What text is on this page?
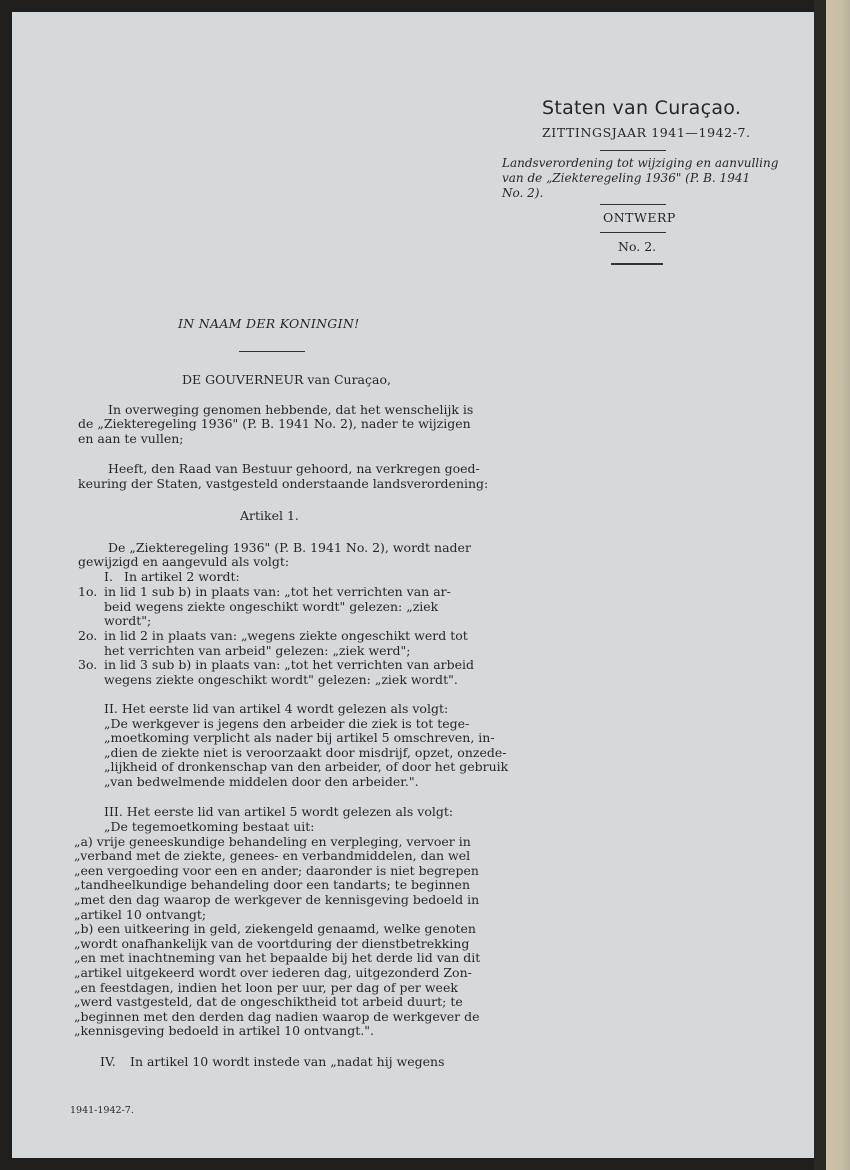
Staten van Curaçao.
ZITTINGSJAAR 1941—1942-7.
Landsverordening tot wijziging en aanvulling
van de „Ziekteregeling 1936" (P. B. 1941
No. 2).
ONTWERP
No. 2.
IN NAAM DER KONINGIN!
DE GOUVERNEUR van Curaçao,
In overweging genomen hebbende, dat het wenschelijk is
de „Ziekteregeling 1936" (P. B. 1941 No. 2), nader te wijzigen
en aan te vullen;
Heeft, den Raad van Bestuur gehoord, na verkregen goed-
keuring der Staten, vastgesteld onderstaande landsverordening:
Artikel 1.
De „Ziekteregeling 1936" (P. B. 1941 No. 2), wordt nader
gewijzigd en aangevuld als volgt:
I. In artikel 2 wordt:
1o. in lid 1 sub b) in plaats van: „tot het verrichten van ar-
beid wegens ziekte ongeschikt wordt" gelezen: „ziek
wordt";
2o. in lid 2 in plaats van: „wegens ziekte ongeschikt werd tot
het verrichten van arbeid" gelezen: „ziek werd";
3o. in lid 3 sub b) in plaats van: „tot het verrichten van arbeid
wegens ziekte ongeschikt wordt" gelezen: „ziek wordt".
II. Het eerste lid van artikel 4 wordt gelezen als volgt:
„De werkgever is jegens den arbeider die ziek is tot tege-
„moetkoming verplicht als nader bij artikel 5 omschreven, in-
„dien de ziekte niet is veroorzaakt door misdrijf, opzet, onzede-
„lijkheid of dronkenschap van den arbeider, of door het gebruik
„van bedwelmende middelen door den arbeider.".
III. Het eerste lid van artikel 5 wordt gelezen als volgt:
„De tegemoetkoming bestaat uit:
„a) vrije geneeskundige behandeling en verpleging, vervoer in
„verband met de ziekte, genees- en verbandmiddelen, dan wel
„een vergoeding voor een en ander; daaronder is niet begrepen
„tandheelkundige behandeling door een tandarts; te beginnen
„met den dag waarop de werkgever de kennisgeving bedoeld in
„artikel 10 ontvangt;
„b) een uitkeering in geld, ziekengeld genaamd, welke genoten
„wordt onafhankelijk van de voortduring der dienstbetrekking
„en met inachtneming van het bepaalde bij het derde lid van dit
„artikel uitgekeerd wordt over iederen dag, uitgezonderd Zon-
„en feestdagen, indien het loon per uur, per dag of per week
„werd vastgesteld, dat de ongeschiktheid tot arbeid duurt; te
„beginnen met den derden dag nadien waarop de werkgever de
„kennisgeving bedoeld in artikel 10 ontvangt.".
IV. In artikel 10 wordt instede van „nadat hij wegens
1941-1942-7.
